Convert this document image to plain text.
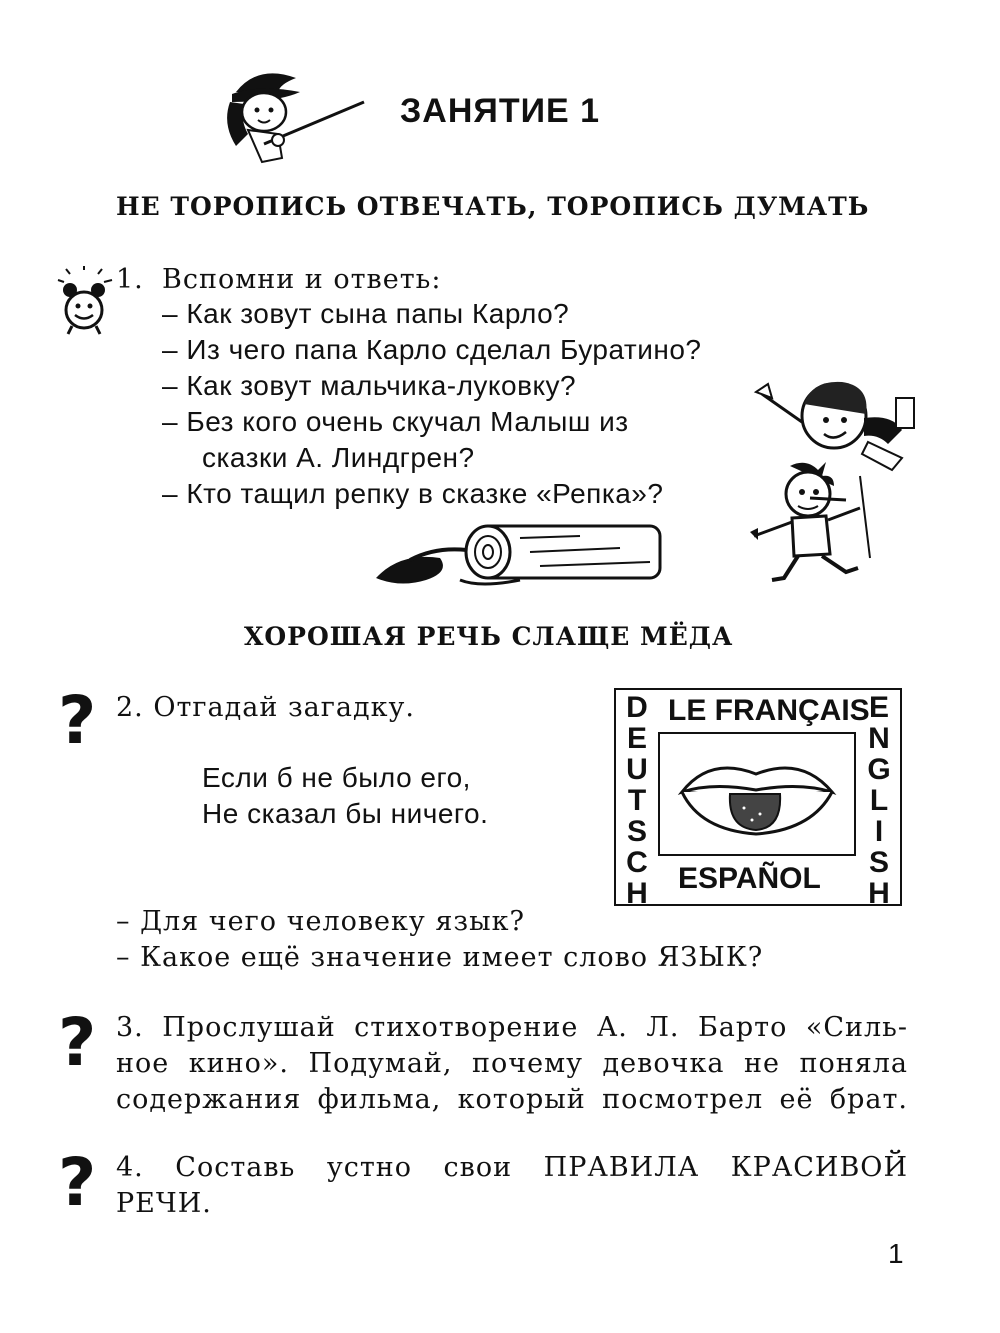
ЗАНЯТИЕ 1
НЕ ТОРОПИСЬ ОТВЕЧАТЬ, ТОРОПИСЬ ДУМАТЬ
1. Вспомни и ответь:
– Как зовут сына папы Карло?
– Из чего папа Карло сделал Буратино?
– Как зовут мальчика-луковку?
– Без кого очень скучал Малыш из
сказки А. Линдгрен?
– Кто тащил репку в сказке «Репка»?
ХОРОШАЯ РЕЧЬ СЛАЩЕ МЁДА
? 2. Отгадай загадку.
Если б не было его,
Не сказал бы ничего.
LE FRANÇAIS
ESPAÑOL
D
E
U
T
S
C
H
E
N
G
L
I
S
H
– Для чего человеку язык?
– Какое ещё значение имеет слово ЯЗЫК?
? 3. Прослушай стихотворение А. Л. Барто «Силь-
ное кино». Подумай, почему девочка не поняла
содержания фильма, который посмотрел её брат.
? 4. Составь устно свои ПРАВИЛА КРАСИВОЙ
РЕЧИ.
1
